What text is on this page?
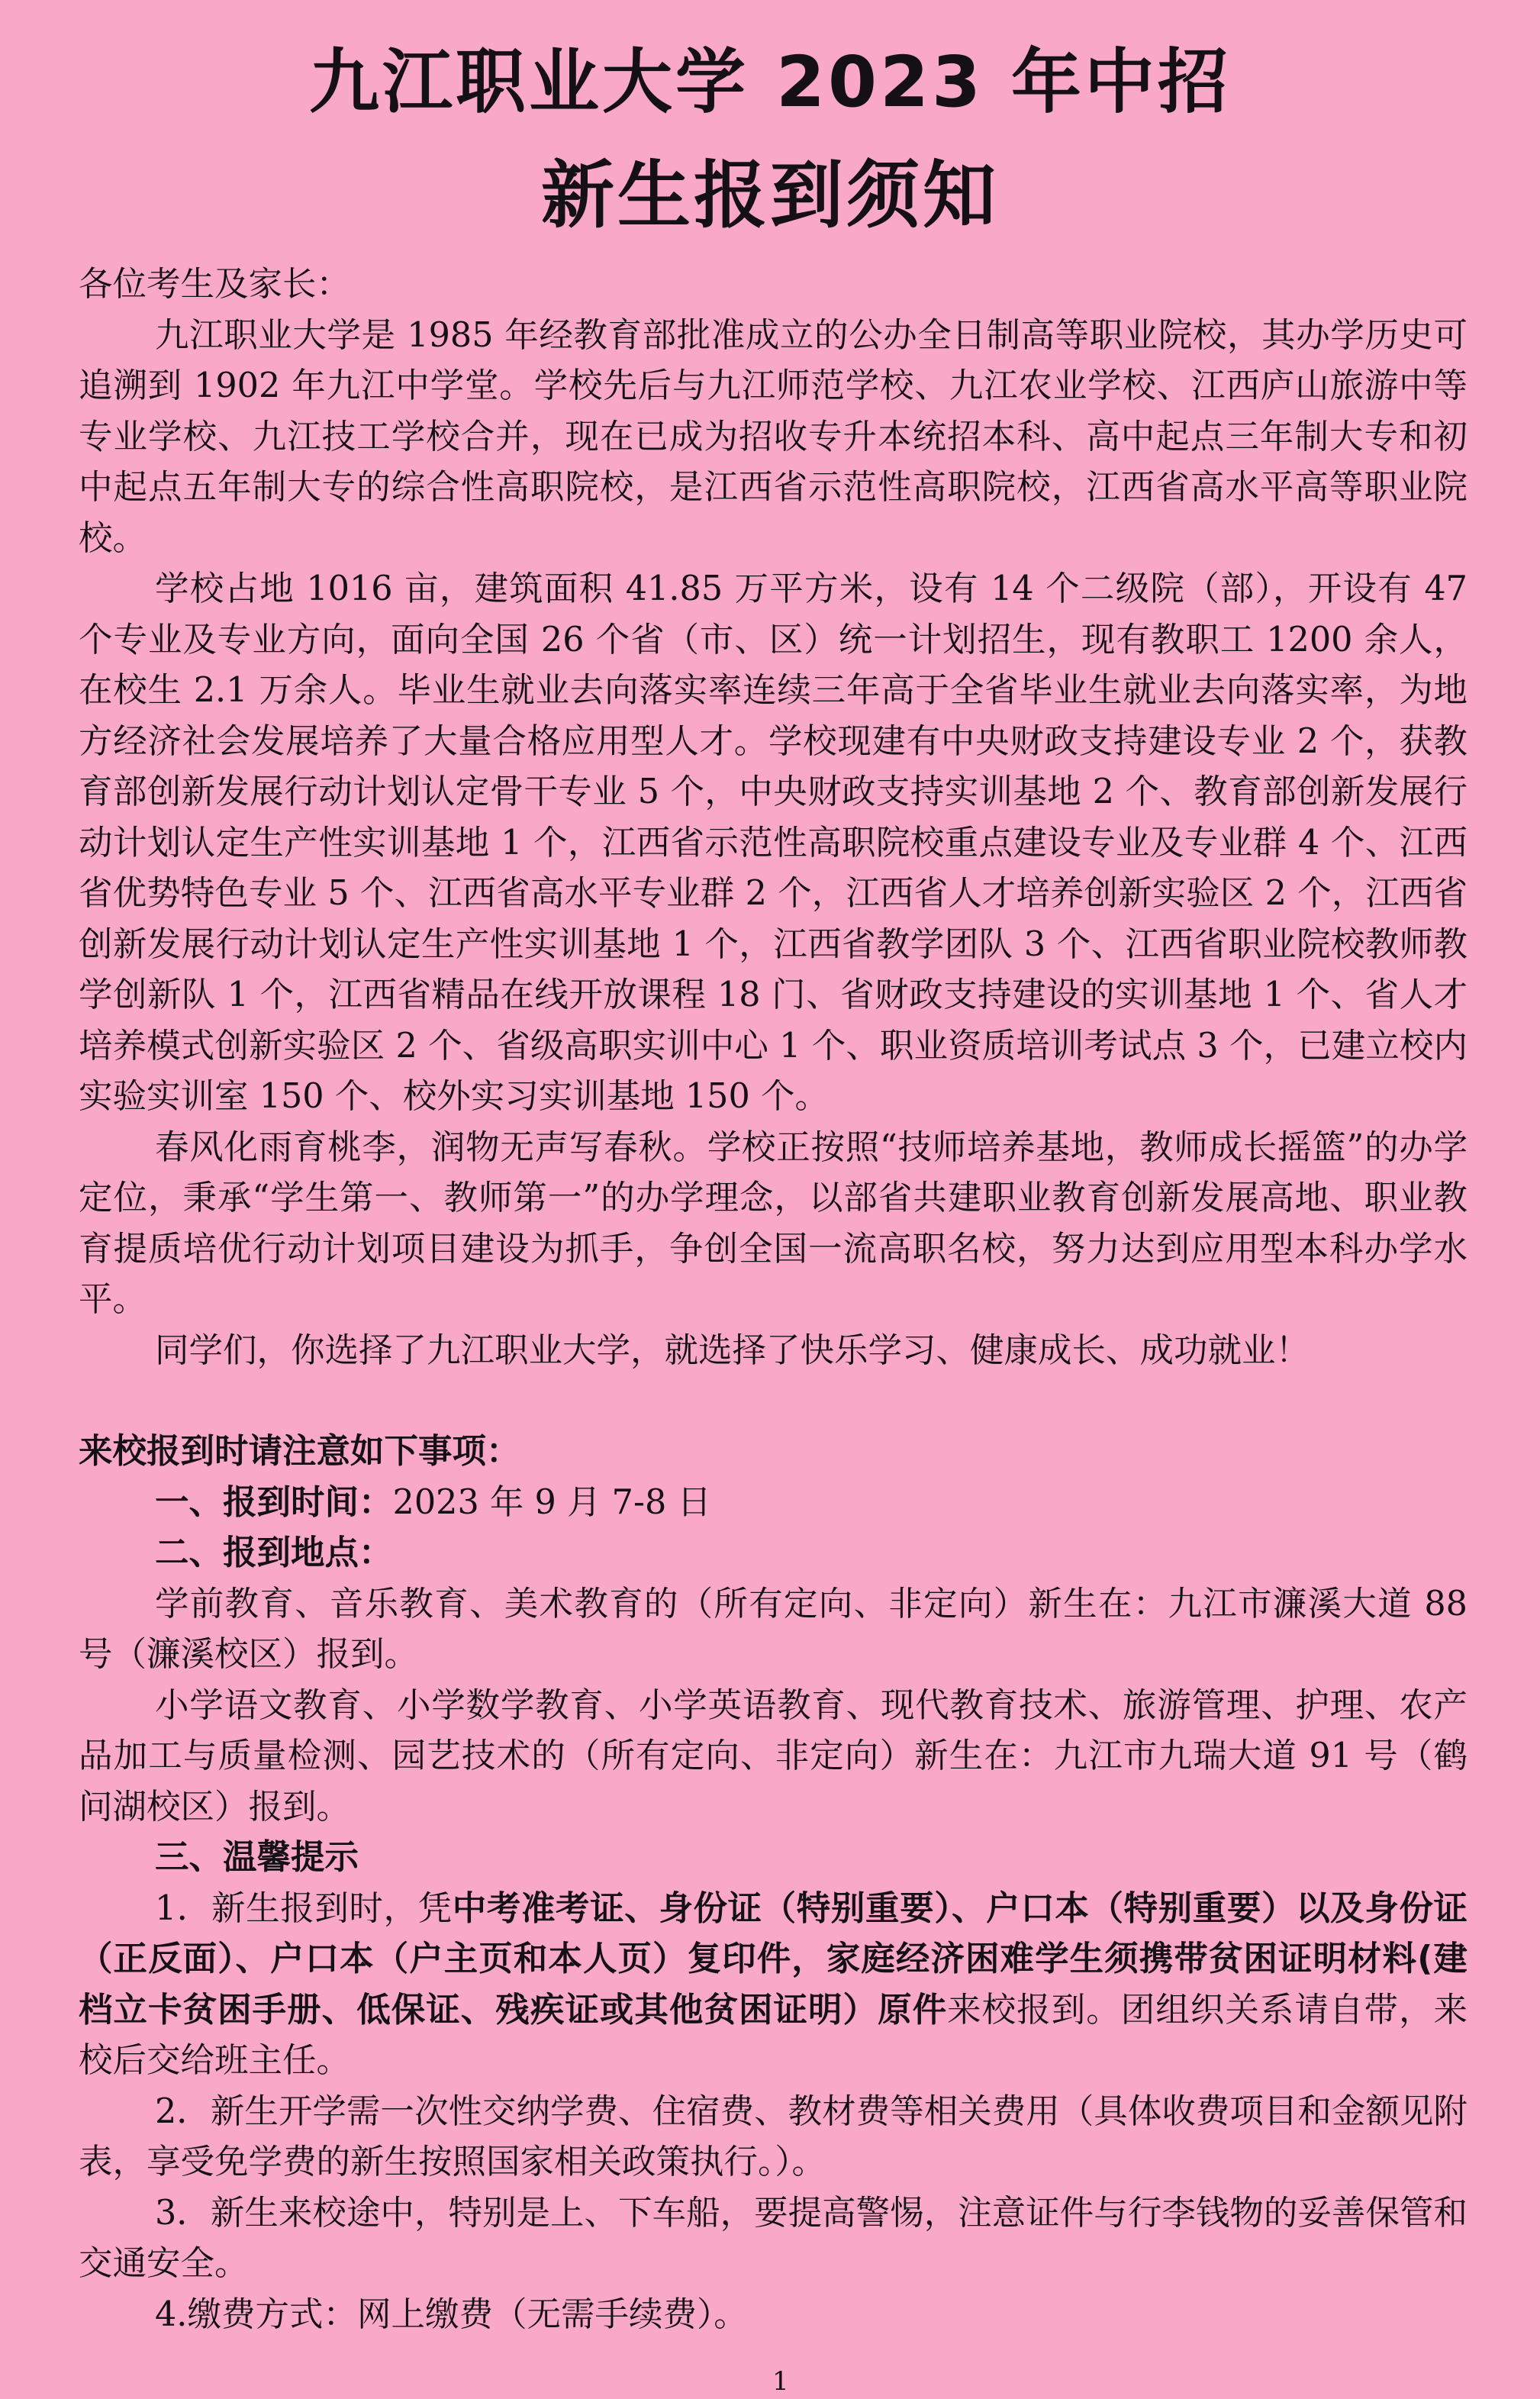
九江职业大学 2023 年中招
新生报到须知

各位考生及家长：

九江职业大学是 1985 年经教育部批准成立的公办全日制高等职业院校，其办学历史可追溯到 1902 年九江中学堂。学校先后与九江师范学校、九江农业学校、江西庐山旅游中等专业学校、九江技工学校合并，现在已成为招收专升本统招本科、高中起点三年制大专和初中起点五年制大专的综合性高职院校，是江西省示范性高职院校，江西省高水平高等职业院校。

学校占地 1016 亩，建筑面积 41.85 万平方米，设有 14 个二级院（部），开设有 47 个专业及专业方向，面向全国 26 个省（市、区）统一计划招生，现有教职工 1200 余人，在校生 2.1 万余人。毕业生就业去向落实率连续三年高于全省毕业生就业去向落实率，为地方经济社会发展培养了大量合格应用型人才。学校现建有中央财政支持建设专业 2 个，获教育部创新发展行动计划认定骨干专业 5 个，中央财政支持实训基地 2 个、教育部创新发展行动计划认定生产性实训基地 1 个，江西省示范性高职院校重点建设专业及专业群 4 个、江西省优势特色专业 5 个、江西省高水平专业群 2 个，江西省人才培养创新实验区 2 个，江西省创新发展行动计划认定生产性实训基地 1 个，江西省教学团队 3 个、江西省职业院校教师教学创新队 1 个，江西省精品在线开放课程 18 门、省财政支持建设的实训基地 1 个、省人才培养模式创新实验区 2 个、省级高职实训中心 1 个、职业资质培训考试点 3 个，已建立校内实验实训室 150 个、校外实习实训基地 150 个。

春风化雨育桃李，润物无声写春秋。学校正按照“技师培养基地，教师成长摇篮”的办学定位，秉承“学生第一、教师第一”的办学理念，以部省共建职业教育创新发展高地、职业教育提质培优行动计划项目建设为抓手，争创全国一流高职名校，努力达到应用型本科办学水平。

同学们，你选择了九江职业大学，就选择了快乐学习、健康成长、成功就业！

来校报到时请注意如下事项：

一、报到时间：2023 年 9 月 7-8 日

二、报到地点：

学前教育、音乐教育、美术教育的（所有定向、非定向）新生在：九江市濂溪大道 88 号（濂溪校区）报到。

小学语文教育、小学数学教育、小学英语教育、现代教育技术、旅游管理、护理、农产品加工与质量检测、园艺技术的（所有定向、非定向）新生在：九江市九瑞大道 91 号（鹤问湖校区）报到。

三、温馨提示

1．新生报到时，凭中考准考证、身份证（特别重要）、户口本（特别重要）以及身份证（正反面）、户口本（户主页和本人页）复印件，家庭经济困难学生须携带贫困证明材料(建档立卡贫困手册、低保证、残疾证或其他贫困证明）原件来校报到。团组织关系请自带，来校后交给班主任。

2．新生开学需一次性交纳学费、住宿费、教材费等相关费用（具体收费项目和金额见附表，享受免学费的新生按照国家相关政策执行。）。

3．新生来校途中，特别是上、下车船，要提高警惕，注意证件与行李钱物的妥善保管和交通安全。

4.缴费方式：网上缴费（无需手续费）。

1
